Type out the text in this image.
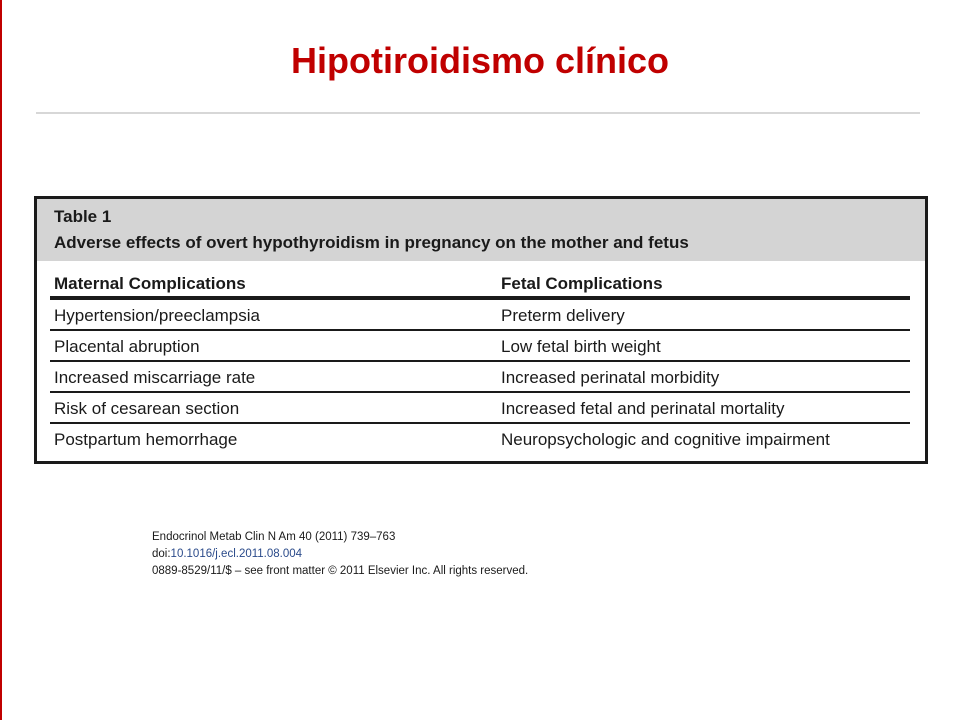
Hipotiroidismo clínico
Table 1
Adverse effects of overt hypothyroidism in pregnancy on the mother and fetus
Maternal Complications	Fetal Complications
Hypertension/preeclampsia	Preterm delivery
Placental abruption	Low fetal birth weight
Increased miscarriage rate	Increased perinatal morbidity
Risk of cesarean section	Increased fetal and perinatal mortality
Postpartum hemorrhage	Neuropsychologic and cognitive impairment
Endocrinol Metab Clin N Am 40 (2011) 739–763
doi:10.1016/j.ecl.2011.08.004
0889-8529/11/$ – see front matter © 2011 Elsevier Inc. All rights reserved.
